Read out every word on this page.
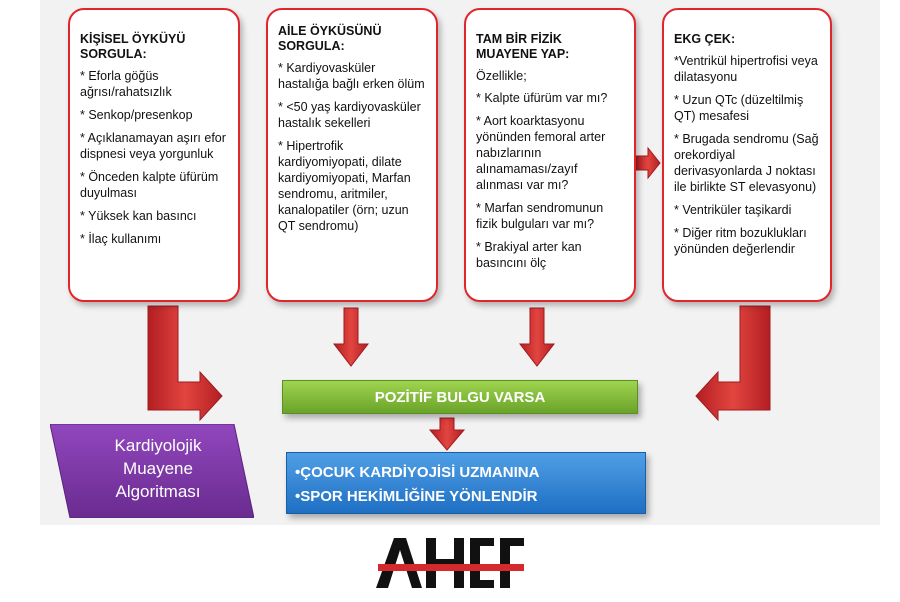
KİŞİSEL ÖYKÜYÜ SORGULA:
* Eforla göğüs ağrısı/rahatsızlık
* Senkop/presenkop
* Açıklanamayan aşırı efor dispnesi veya yorgunluk
* Önceden kalpte üfürüm duyulması
* Yüksek kan basıncı
* İlaç kullanımı
AİLE ÖYKÜSÜNÜ SORGULA:
* Kardiyovasküler hastalığa bağlı erken ölüm
* <50 yaş kardiyovasküler hastalık sekelleri
* Hipertrofik kardiyomiyopati, dilate kardiyomiyopati, Marfan sendromu, aritmiler, kanalopatiler (örn; uzun QT sendromu)
TAM BİR FİZİK MUAYENE YAP:

Özellikle;

* Kalpte üfürüm var mı?
* Aort koarktasyonu yönünden femoral arter nabızlarının alınamaması/zayıf alınması var mı?
* Marfan sendromunun fizik bulguları var mı?
* Brakiyal arter kan basıncını ölç
EKG ÇEK:
*Ventrikül hipertrofisi veya dilatasyonu
* Uzun QTc (düzeltilmiş QT) mesafesi
* Brugada sendromu (Sağ orekordiyal derivasyonlarda J noktası ile birlikte ST elevasyonu)
* Ventriküler taşikardi
* Diğer ritm bozuklukları yönünden değerlendir
POZİTİF BULGU VARSA
•ÇOCUK KARDİYOJİSİ UZMANINA
•SPOR HEKİMLİĞİNE YÖNLENDİR
Kardiyolojik
Muayene
Algoritması
